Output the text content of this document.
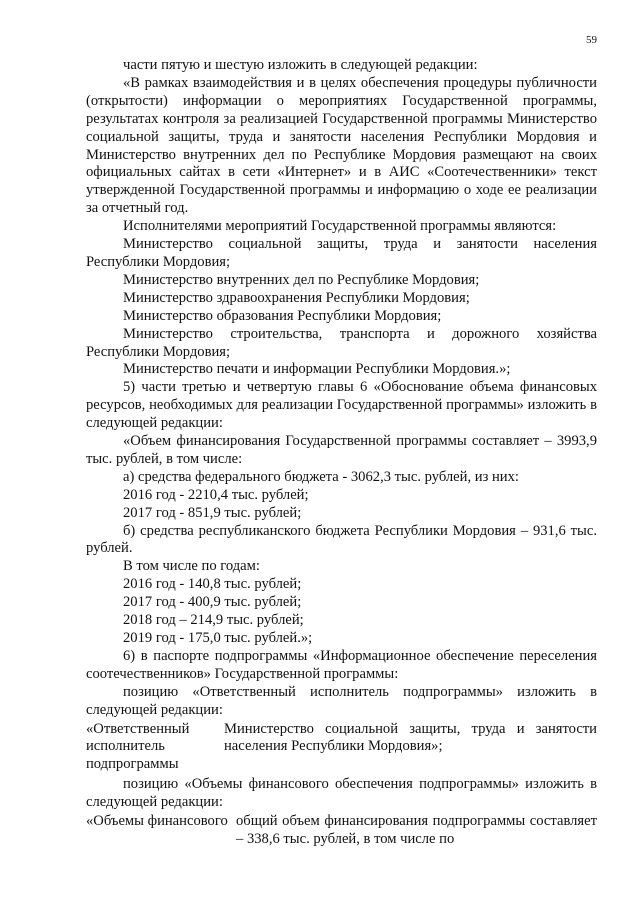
59

части пятую и шестую изложить в следующей редакции:

«В рамках взаимодействия и в целях обеспечения процедуры публичности (открытости) информации о мероприятиях Государственной программы, результатах контроля за реализацией Государственной программы Министерство социальной защиты, труда и занятости населения Республики Мордовия и Министерство внутренних дел по Республике Мордовия размещают на своих официальных сайтах в сети «Интернет» и в АИС «Соотечественники» текст утвержденной Государственной программы и информацию о ходе ее реализации за отчетный год.

Исполнителями мероприятий Государственной программы являются:

Министерство социальной защиты, труда и занятости населения Республики Мордовия;

Министерство внутренних дел по Республике Мордовия;

Министерство здравоохранения Республики Мордовия;

Министерство образования Республики Мордовия;

Министерство строительства, транспорта и дорожного хозяйства Республики Мордовия;

Министерство печати и информации Республики Мордовия.»;

5) части третью и четвертую главы 6 «Обоснование объема финансовых ресурсов, необходимых для реализации Государственной программы» изложить в следующей редакции:

«Объем финансирования Государственной программы составляет – 3993,9 тыс. рублей, в том числе:

а) средства федерального бюджета - 3062,3 тыс. рублей, из них:

2016 год - 2210,4 тыс. рублей;

2017 год - 851,9 тыс. рублей;

б) средства республиканского бюджета Республики Мордовия – 931,6 тыс. рублей.

В том числе по годам:

2016 год - 140,8 тыс. рублей;

2017 год - 400,9 тыс. рублей;

2018 год – 214,9 тыс. рублей;

2019 год - 175,0 тыс. рублей.»;

6) в паспорте подпрограммы «Информационное обеспечение переселения соотечественников» Государственной программы:

позицию «Ответственный исполнитель подпрограммы» изложить в следующей редакции:

«Ответственный исполнитель подпрограммы
Министерство социальной защиты, труда и занятости населения Республики Мордовия»;

позицию «Объемы финансового обеспечения подпрограммы» изложить в следующей редакции:

«Объемы финансового общий объем финансирования подпрограммы составляет – 338,6 тыс. рублей, в том числе по
